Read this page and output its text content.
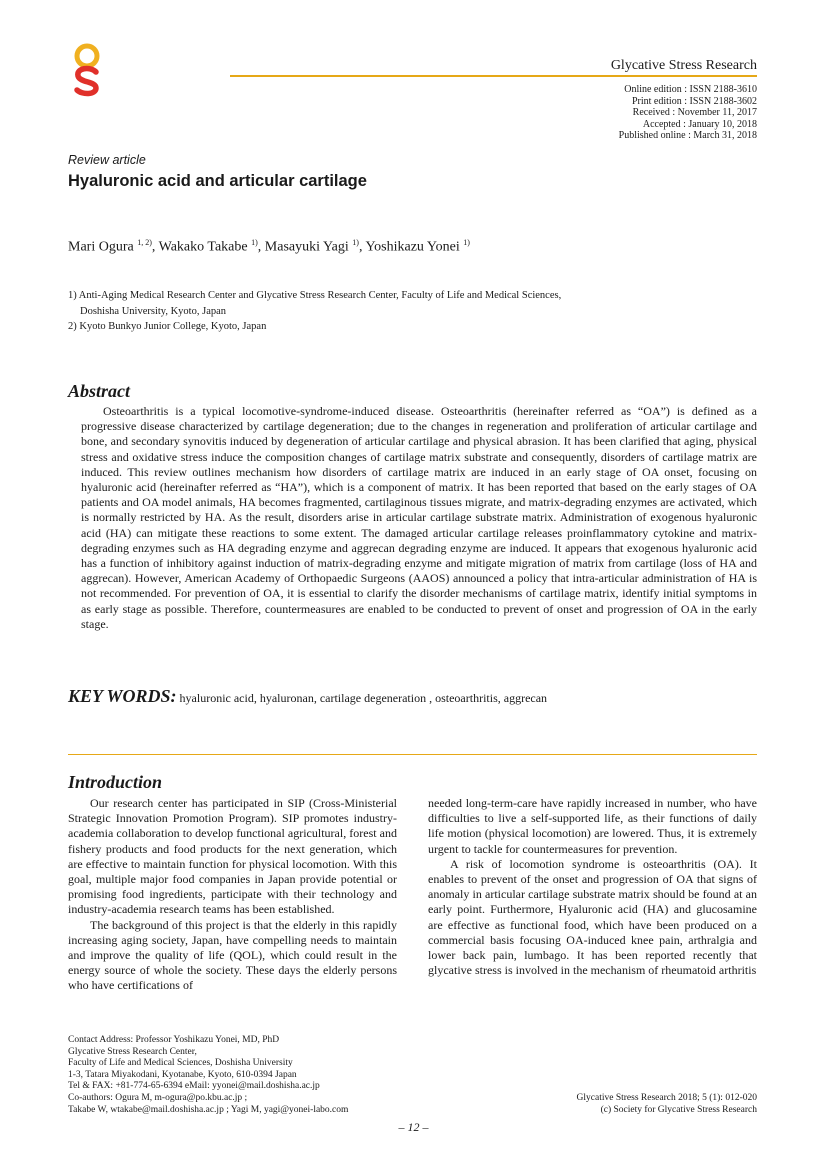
Glycative Stress Research
Online edition : ISSN 2188-3610
Print edition : ISSN 2188-3602
Received : November 11, 2017
Accepted : January 10, 2018
Published online : March 31, 2018
Review article
Hyaluronic acid and articular cartilage
Mari Ogura $^{1, 2)}$, Wakako Takabe $^{1)}$, Masayuki Yagi $^{1)}$, Yoshikazu Yonei $^{1)}$
1) Anti-Aging Medical Research Center and Glycative Stress Research Center, Faculty of Life and Medical Sciences,
Doshisha University, Kyoto, Japan
2) Kyoto Bunkyo Junior College, Kyoto, Japan
Abstract

Osteoarthritis is a typical locomotive-syndrome-induced disease. Osteoarthritis (hereinafter referred as “OA”) is defined as a progressive disease characterized by cartilage degeneration; due to the changes in regeneration and proliferation of articular cartilage and bone, and secondary synovitis induced by degeneration of articular cartilage and physical abrasion. It has been clarified that aging, physical stress and oxidative stress induce the composition changes of cartilage matrix substrate and consequently, disorders of cartilage matrix are induced. This review outlines mechanism how disorders of cartilage matrix are induced in an early stage of OA onset, focusing on hyaluronic acid (hereinafter referred as “HA”), which is a component of matrix. It has been reported that based on the early stages of OA patients and OA model animals, HA becomes fragmented, cartilaginous tissues migrate, and matrix-degrading enzymes are activated, which is normally restricted by HA. As the result, disorders arise in articular cartilage substrate matrix. Administration of exogenous hyaluronic acid (HA) can mitigate these reactions to some extent. The damaged articular cartilage releases proinflammatory cytokine and matrix-degrading enzymes such as HA degrading enzyme and aggrecan degrading enzyme are induced. It appears that exogenous hyaluronic acid has a function of inhibitory against induction of matrix-degrading enzyme and mitigate migration of matrix from cartilage (loss of HA and aggrecan). However, American Academy of Orthopaedic Surgeons (AAOS) announced a policy that intra-articular administration of HA is not recommended. For prevention of OA, it is essential to clarify the disorder mechanisms of cartilage matrix, identify initial symptoms in as early stage as possible. Therefore, countermeasures are enabled to be conducted to prevent of onset and progression of OA in the early stage.

KEY WORDS: hyaluronic acid, hyaluronan, cartilage degeneration , osteoarthritis, aggrecan
Introduction

Our research center has participated in SIP (Cross-Ministerial Strategic Innovation Promotion Program). SIP promotes industry-academia collaboration to develop functional agricultural, forest and fishery products and food products for the next generation, which are effective to maintain function for physical locomotion. With this goal, multiple major food companies in Japan provide potential or promising food ingredients, participate with their technology and industry-academia research teams has been established.

The background of this project is that the elderly in this rapidly increasing aging society, Japan, have compelling needs to maintain and improve the quality of life (QOL), which could result in the energy source of whole the society. These days the elderly persons who have certifications of

needed long-term-care have rapidly increased in number, who have difficulties to live a self-supported life, as their functions of daily life motion (physical locomotion) are lowered. Thus, it is extremely urgent to tackle for countermeasures for prevention.

A risk of locomotion syndrome is osteoarthritis (OA). It enables to prevent of the onset and progression of OA that signs of anomaly in articular cartilage substrate matrix should be found at an early point. Furthermore, Hyaluronic acid (HA) and glucosamine are effective as functional food, which have been produced on a commercial basis focusing OA-induced knee pain, arthralgia and lower back pain, lumbago. It has been reported recently that glycative stress is involved in the mechanism of rheumatoid arthritis

Contact Address: Professor Yoshikazu Yonei, MD, PhD
Glycative Stress Research Center,
Faculty of Life and Medical Sciences, Doshisha University
1-3, Tatara Miyakodani, Kyotanabe, Kyoto, 610-0394 Japan
Tel & FAX: +81-774-65-6394 eMail: yyonei@mail.doshisha.ac.jp
Co-authors: Ogura M, m-ogura@po.kbu.ac.jp ;
Takabe W, wtakabe@mail.doshisha.ac.jp ; Yagi M, yagi@yonei-labo.com
Glycative Stress Research 2018; 5 (1): 012-020
(c) Society for Glycative Stress Research
– 12 –
